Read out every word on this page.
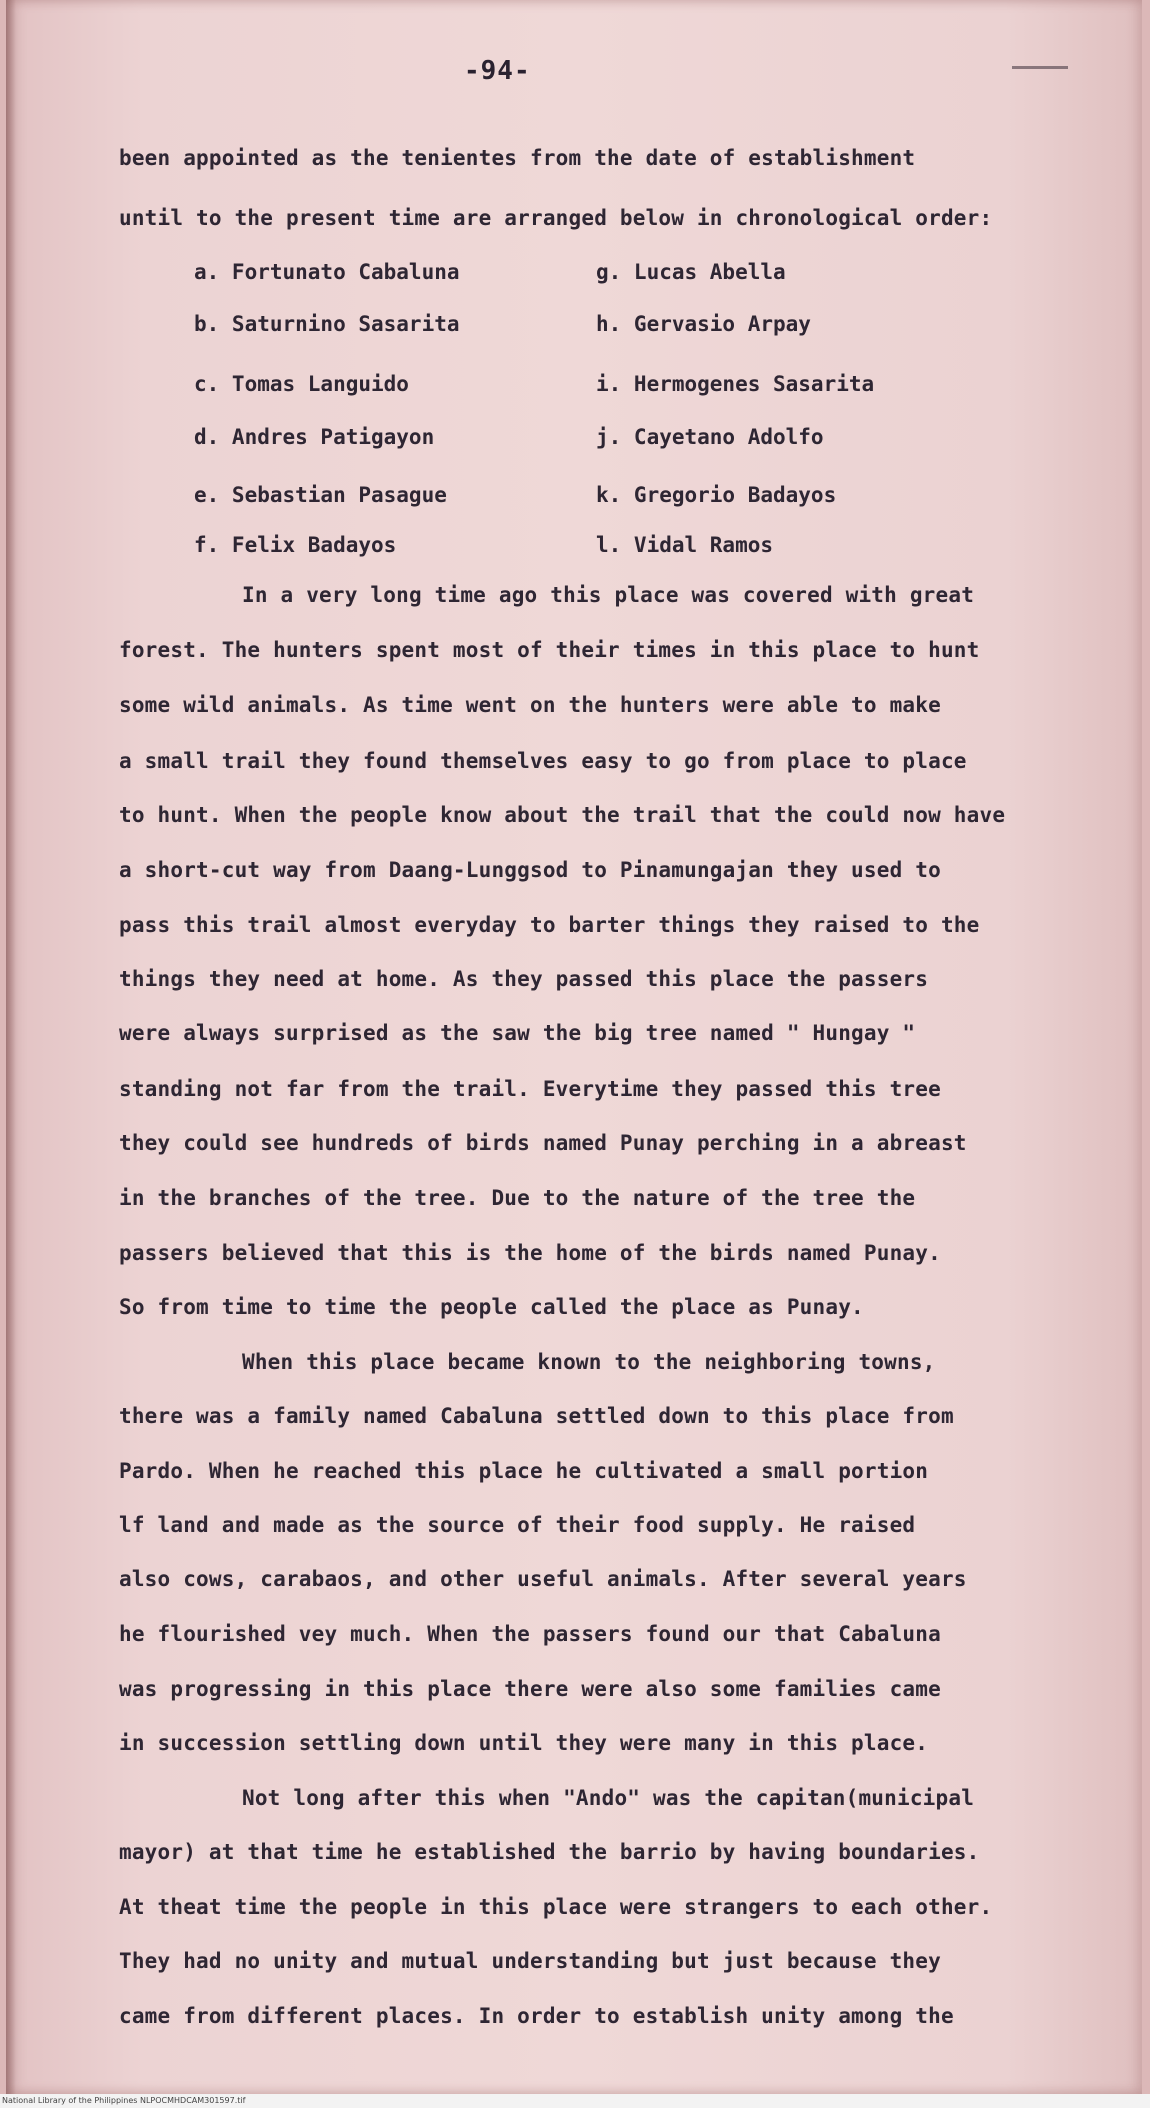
-94-
been appointed as the tenientes from the date of establishment
until to the present time are arranged below in chronological order:
a. Fortunato Cabaluna
b. Saturnino Sasarita
c. Tomas Languido
d. Andres Patigayon
e. Sebastian Pasague
f. Felix Badayos
g. Lucas Abella
h. Gervasio Arpay
i. Hermogenes Sasarita
j. Cayetano Adolfo
k. Gregorio Badayos
l. Vidal Ramos
In a very long time ago this place was covered with great
forest. The hunters spent most of their times in this place to hunt
some wild animals. As time went on the hunters were able to make
a small trail they found themselves easy to go from place to place
to hunt. When the people know about the trail that the could now have
a short-cut way from Daang-Lunggsod to Pinamungajan they used to
pass this trail almost everyday to barter things they raised to the
things they need at home. As they passed this place the passers
were always surprised as the saw the big tree named " Hungay "
standing not far from the trail. Everytime they passed this tree
they could see hundreds of birds named Punay perching in a abreast
in the branches of the tree. Due to the nature of the tree the
passers believed that this is the home of the birds named Punay.
So from time to time the people called the place as Punay.
When this place became known to the neighboring towns,
there was a family named Cabaluna settled down to this place from
Pardo. When he reached this place he cultivated a small portion
lf land and made as the source of their food supply. He raised
also cows, carabaos, and other useful animals. After several years
he flourished vey much. When the passers found our that Cabaluna
was progressing in this place there were also some families came
in succession settling down until they were many in this place.
Not long after this when "Ando" was the capitan(municipal
mayor) at that time he established the barrio by having boundaries.
At theat time the people in this place were strangers to each other.
They had no unity and mutual understanding but just because they
came from different places. In order to establish unity among the
National Library of the Philippines NLPOCMHDCAM301597.tif
